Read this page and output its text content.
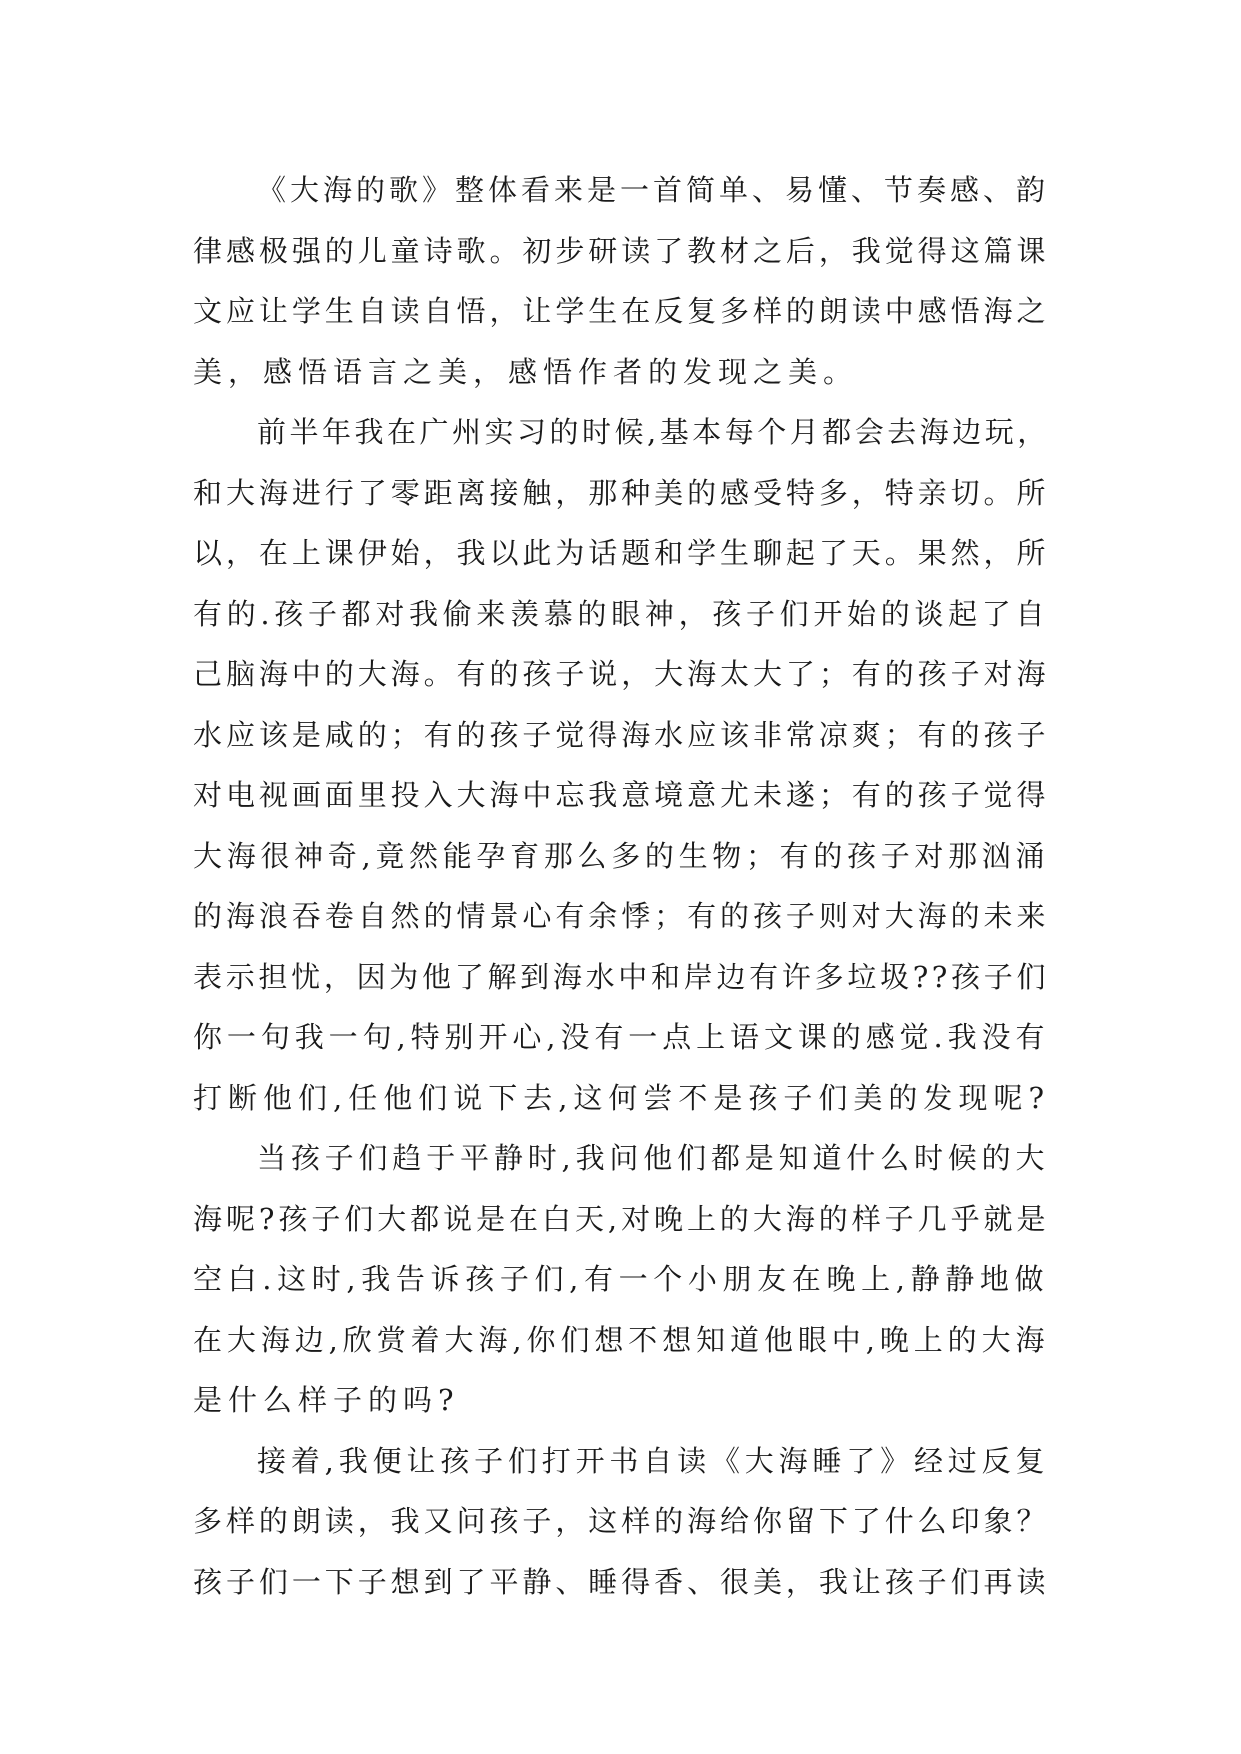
《大海的歌》整体看来是一首简单、易懂、节奏感、韵
律感极强的儿童诗歌。初步研读了教材之后，我觉得这篇课
文应让学生自读自悟，让学生在反复多样的朗读中感悟海之
美，感悟语言之美，感悟作者的发现之美。
前半年我在广州实习的时候,基本每个月都会去海边玩，
和大海进行了零距离接触，那种美的感受特多，特亲切。所
以，在上课伊始，我以此为话题和学生聊起了天。果然，所
有的.孩子都对我偷来羡慕的眼神，孩子们开始的谈起了自
己脑海中的大海。有的孩子说，大海太大了；有的孩子对海
水应该是咸的；有的孩子觉得海水应该非常凉爽；有的孩子
对电视画面里投入大海中忘我意境意尤未遂；有的孩子觉得
大海很神奇,竟然能孕育那么多的生物；有的孩子对那汹涌
的海浪吞卷自然的情景心有余悸；有的孩子则对大海的未来
表示担忧，因为他了解到海水中和岸边有许多垃圾??孩子们
你一句我一句,特别开心,没有一点上语文课的感觉.我没有
打断他们,任他们说下去,这何尝不是孩子们美的发现呢?
当孩子们趋于平静时,我问他们都是知道什么时候的大
海呢?孩子们大都说是在白天,对晚上的大海的样子几乎就是
空白.这时,我告诉孩子们,有一个小朋友在晚上,静静地做
在大海边,欣赏着大海,你们想不想知道他眼中,晚上的大海
是什么样子的吗?
接着,我便让孩子们打开书自读《大海睡了》经过反复
多样的朗读，我又问孩子，这样的海给你留下了什么印象？
孩子们一下子想到了平静、睡得香、很美，我让孩子们再读
